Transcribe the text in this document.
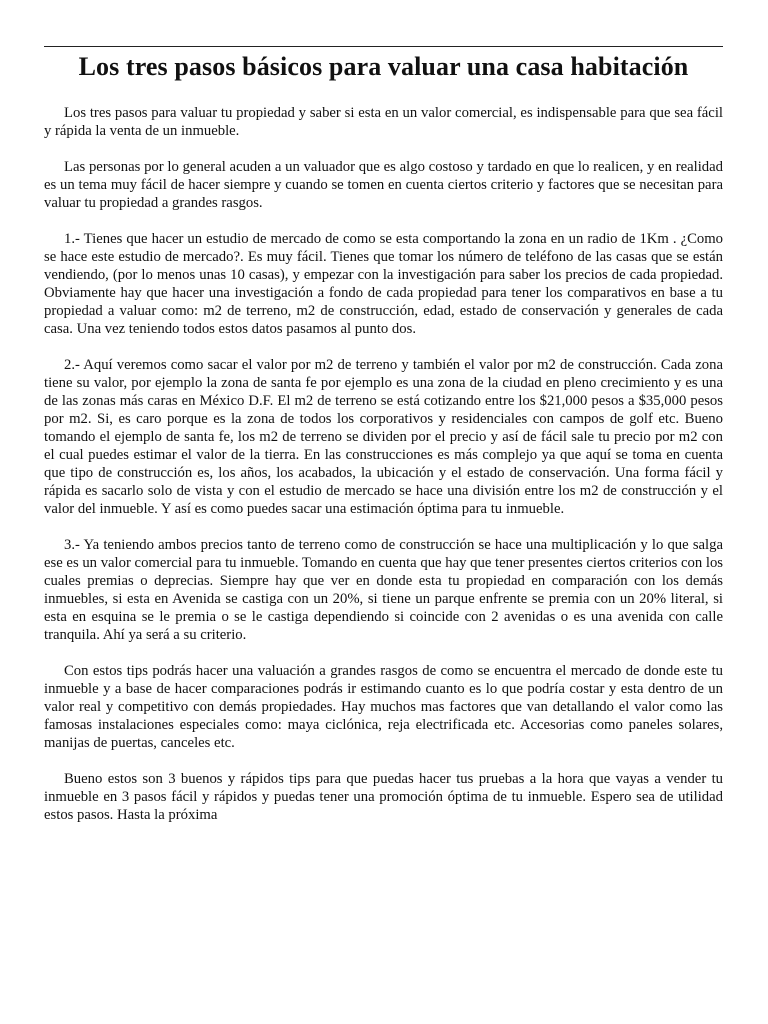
Los tres pasos básicos para valuar una casa habitación

Los tres pasos para valuar tu propiedad y saber si esta en un valor comercial, es indispensable para que sea fácil y rápida la venta de un inmueble.

Las personas por lo general acuden a un valuador que es algo costoso y tardado en que lo realicen, y en realidad es un tema muy fácil de hacer siempre y cuando se tomen en cuenta ciertos criterio y factores que se necesitan para valuar tu propiedad a grandes rasgos.

1.- Tienes que hacer un estudio de mercado de como se esta comportando la zona en un radio de 1Km . ¿Como se hace este estudio de mercado?. Es muy fácil. Tienes que tomar los número de teléfono de las casas que se están vendiendo, (por lo menos unas 10 casas), y empezar con la investigación para saber los precios de cada propiedad. Obviamente hay que hacer una investigación a fondo de cada propiedad para tener los comparativos en base a tu propiedad a valuar como: m2 de terreno, m2 de construcción, edad, estado de conservación y generales de cada casa. Una vez teniendo todos estos datos pasamos al punto dos.

2.- Aquí veremos como sacar el valor por m2 de terreno y también el valor por m2 de construcción. Cada zona tiene su valor, por ejemplo la zona de santa fe por ejemplo es una zona de la ciudad en pleno crecimiento y es una de las zonas más caras en México D.F. El m2 de terreno se está cotizando entre los $21,000 pesos a $35,000 pesos por m2. Si, es caro porque es la zona de todos los corporativos y residenciales con campos de golf etc. Bueno tomando el ejemplo de santa fe, los m2 de terreno se dividen por el precio y así de fácil sale tu precio por m2 con el cual puedes estimar el valor de la tierra. En las construcciones es más complejo ya que aquí se toma en cuenta que tipo de construcción es, los años, los acabados, la ubicación y el estado de conservación. Una forma fácil y rápida es sacarlo solo de vista y con el estudio de mercado se hace una división entre los m2 de construcción y el valor del inmueble. Y así es como puedes sacar una estimación óptima para tu inmueble.

3.- Ya teniendo ambos precios tanto de terreno como de construcción se hace una multiplicación y lo que salga ese es un valor comercial para tu inmueble. Tomando en cuenta que hay que tener presentes ciertos criterios con los cuales premias o deprecias. Siempre hay que ver en donde esta tu propiedad en comparación con los demás inmuebles, si esta en Avenida se castiga con un 20%, si tiene un parque enfrente se premia con un 20% literal, si esta en esquina se le premia o se le castiga dependiendo si coincide con 2 avenidas o es una avenida con calle tranquila. Ahí ya será a su criterio.

Con estos tips podrás hacer una valuación a grandes rasgos de como se encuentra el mercado de donde este tu inmueble y a base de hacer comparaciones podrás ir estimando cuanto es lo que podría costar y esta dentro de un valor real y competitivo con demás propiedades. Hay muchos mas factores que van detallando el valor como las famosas instalaciones especiales como: maya ciclónica, reja electrificada etc. Accesorias como paneles solares, manijas de puertas, canceles etc.

Bueno estos son 3 buenos y rápidos tips para que puedas hacer tus pruebas a la hora que vayas a vender tu inmueble en 3 pasos fácil y rápidos y puedas tener una promoción óptima de tu inmueble. Espero sea de utilidad estos pasos. Hasta la próxima
